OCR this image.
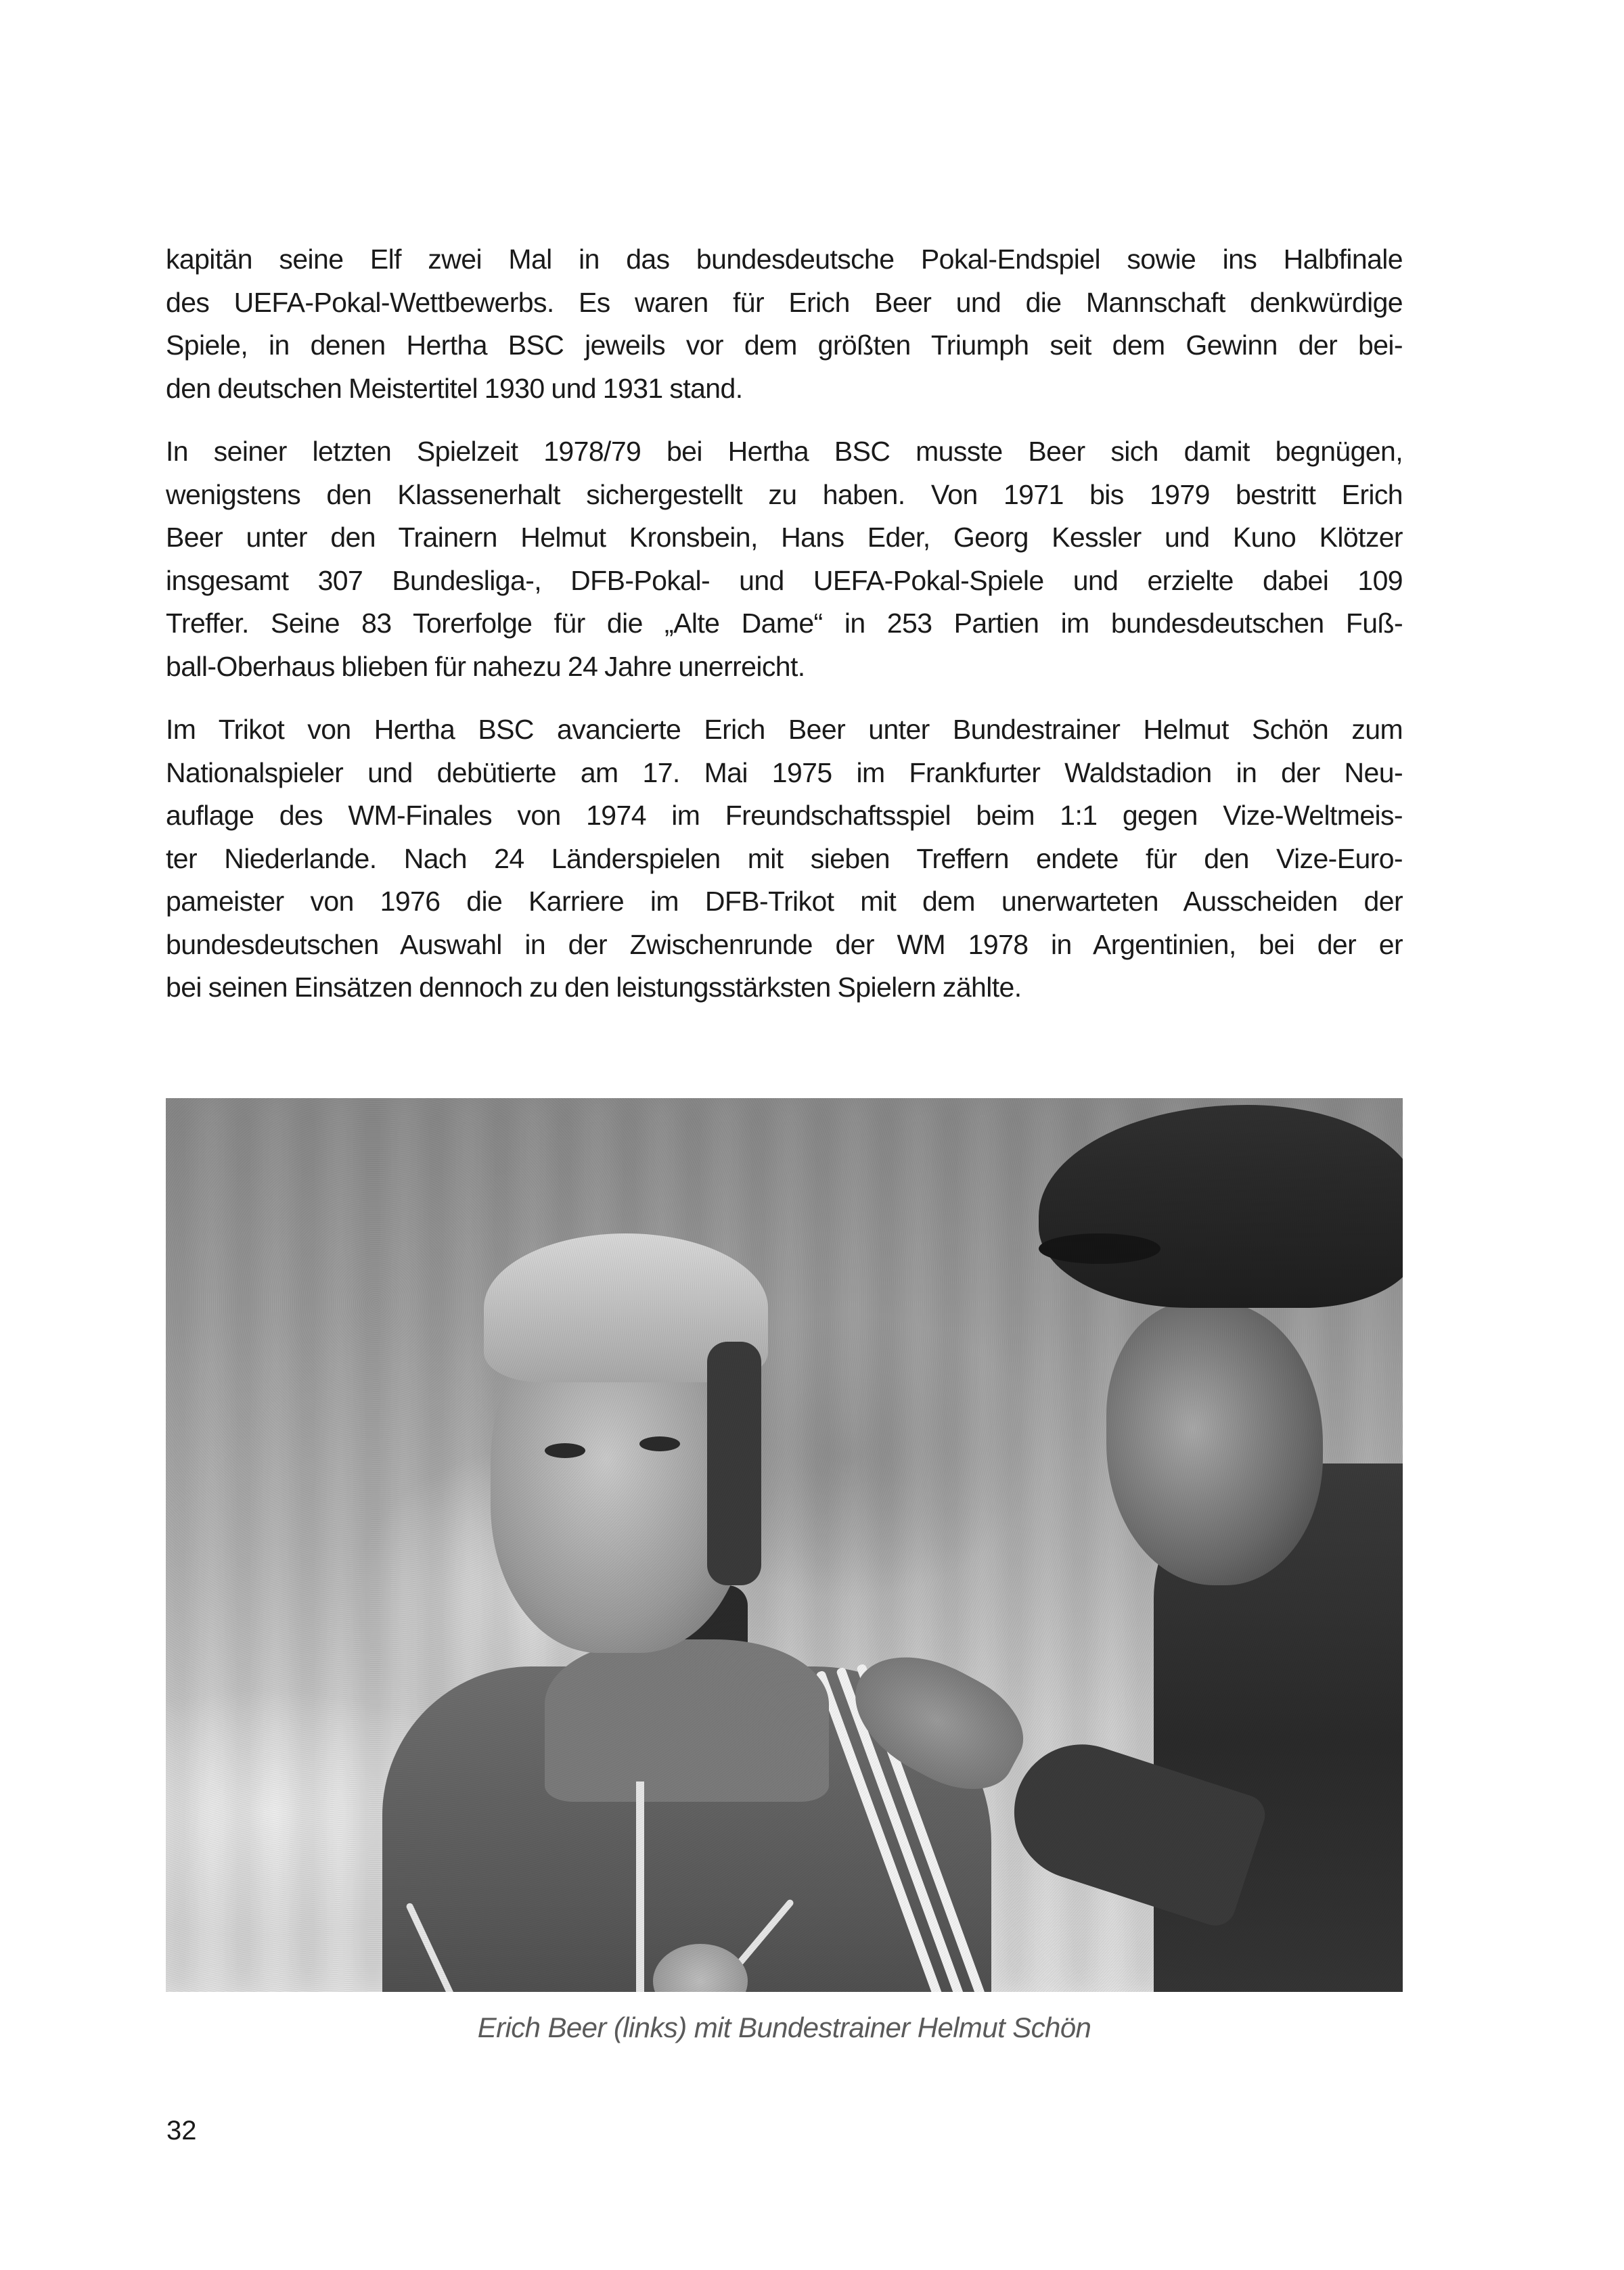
kapitän seine Elf zwei Mal in das bundesdeutsche Pokal-Endspiel sowie ins Halbfinale
des UEFA-Pokal-Wettbewerbs. Es waren für Erich Beer und die Mannschaft denkwürdige
Spiele, in denen Hertha BSC jeweils vor dem größten Triumph seit dem Gewinn der bei-
den deutschen Meistertitel 1930 und 1931 stand.

In seiner letzten Spielzeit 1978/79 bei Hertha BSC musste Beer sich damit begnügen,
wenigstens den Klassenerhalt sichergestellt zu haben. Von 1971 bis 1979 bestritt Erich
Beer unter den Trainern Helmut Kronsbein, Hans Eder, Georg Kessler und Kuno Klötzer
insgesamt 307 Bundesliga-, DFB-Pokal- und UEFA-Pokal-Spiele und erzielte dabei 109
Treffer. Seine 83 Torerfolge für die „Alte Dame“ in 253 Partien im bundesdeutschen Fuß-
ball-Oberhaus blieben für nahezu 24 Jahre unerreicht.

Im Trikot von Hertha BSC avancierte Erich Beer unter Bundestrainer Helmut Schön zum
Nationalspieler und debütierte am 17. Mai 1975 im Frankfurter Waldstadion in der Neu-
auflage des WM-Finales von 1974 im Freundschaftsspiel beim 1:1 gegen Vize-Weltmeis-
ter Niederlande. Nach 24 Länderspielen mit sieben Treffern endete für den Vize-Euro-
pameister von 1976 die Karriere im DFB-Trikot mit dem unerwarteten Ausscheiden der
bundesdeutschen Auswahl in der Zwischenrunde der WM 1978 in Argentinien, bei der er
bei seinen Einsätzen dennoch zu den leistungsstärksten Spielern zählte.

Erich Beer (links) mit Bundestrainer Helmut Schön
32
